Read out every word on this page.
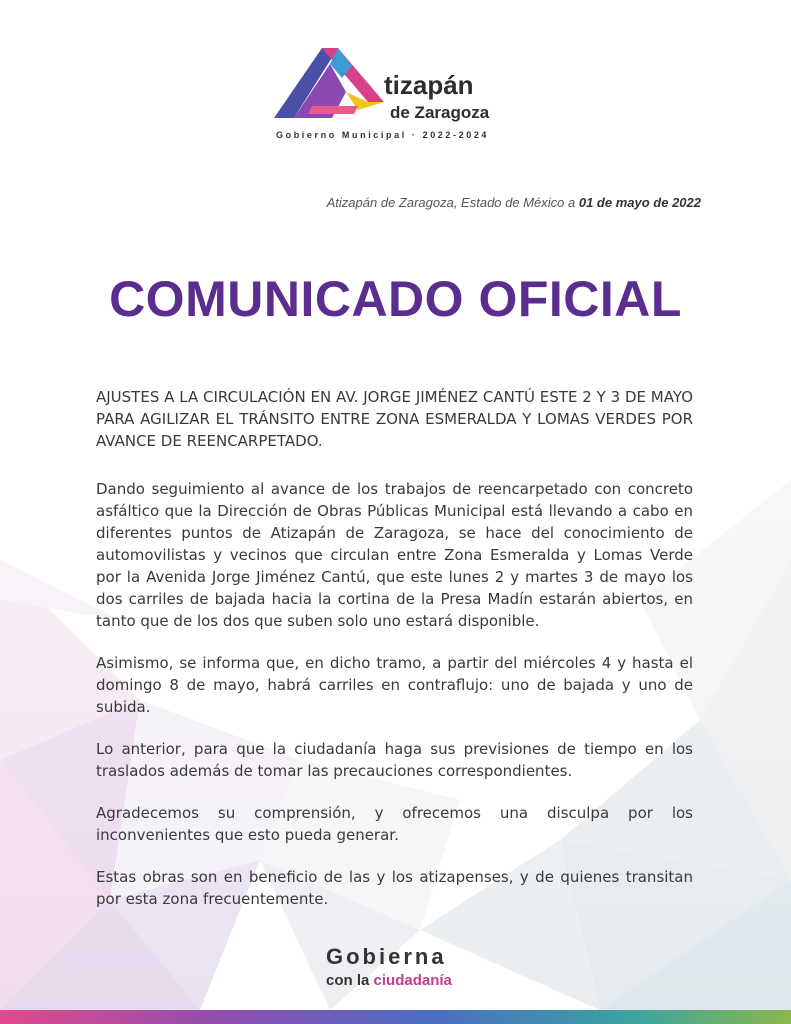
tizapán
de Zaragoza
Gobierno Municipal · 2022-2024
Atizapán de Zaragoza, Estado de México a 01 de mayo de 2022
COMUNICADO OFICIAL

AJUSTES A LA CIRCULACIÓN EN AV. JORGE JIMÉNEZ CANTÚ ESTE 2 Y 3 DE MAYO PARA AGILIZAR EL TRÁNSITO ENTRE ZONA ESMERALDA Y LOMAS VERDES POR AVANCE DE REENCARPETADO.

Dando seguimiento al avance de los trabajos de reencarpetado con concreto asfáltico que la Dirección de Obras Públicas Municipal está llevando a cabo en diferentes puntos de Atizapán de Zaragoza, se hace del conocimiento de automovilistas y vecinos que circulan entre Zona Esmeralda y Lomas Verde por la Avenida Jorge Jiménez Cantú, que este lunes 2 y martes 3 de mayo los dos carriles de bajada hacia la cortina de la Presa Madín estarán abiertos, en tanto que de los dos que suben solo uno estará disponible.

Asimismo, se informa que, en dicho tramo, a partir del miércoles 4 y hasta el domingo 8 de mayo, habrá carriles en contraflujo: uno de bajada y uno de subida.

Lo anterior, para que la ciudadanía haga sus previsiones de tiempo en los traslados además de tomar las precauciones correspondientes.

Agradecemos su comprensión, y ofrecemos una disculpa por los inconvenientes que esto pueda generar.

Estas obras son en beneficio de las y los atizapenses, y de quienes transitan por esta zona frecuentemente.

Gobierna
con la ciudadanía
